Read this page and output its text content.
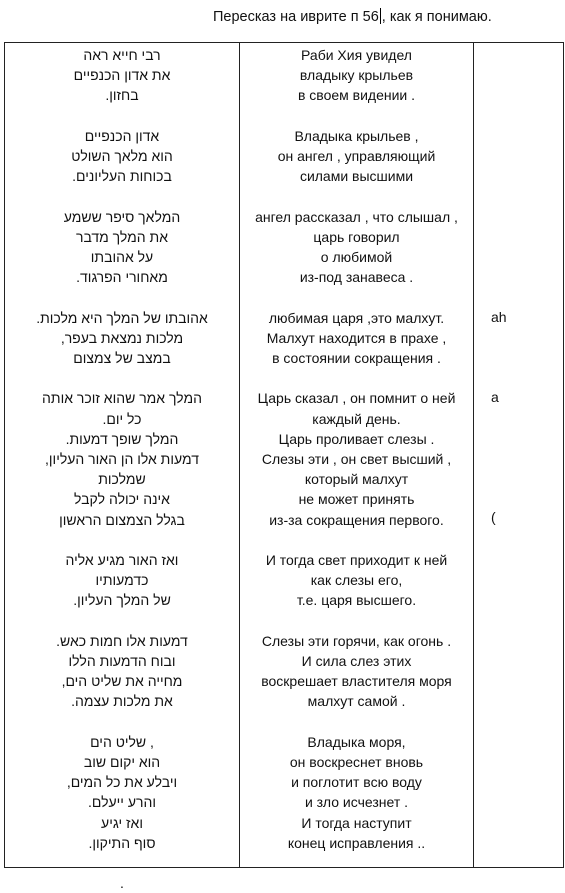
Пересказ на иврите п 56 , как я понимаю.
רבי חייא ראה
את אדון הכנפיים
בחזון.
אדון הכנפיים
הוא מלאך השולט
בכוחות העליונים.
המלאך סיפר ששמע
את המלך מדבר
על אהובתו
מאחורי הפרגוד.
אהובתו של המלך היא מלכות.
מלכות נמצאת בעפר,
במצב של צמצום
המלך אמר שהוא זוכר אותה
כל יום.
המלך שופך דמעות.
דמעות אלו הן האור העליון,
שמלכות
אינה יכולה לקבל
בגלל הצמצום הראשון
ואז האור מגיע אליה
כדמעותיו
של המלך העליון.
דמעות אלו חמות כאש.
ובוח הדמעות הללו
מחייה את שליט הים,
את מלכות עצמה.
, שליט הים
הוא יקום שוב
ויבלע את כל המים,
והרע ייעלם.
ואז יגיע
סוף התיקון.
.
Раби Хия увидел
владыку крыльев
в своем видении .
Владыка крыльев ,
он ангел , управляющий
силами высшими
ангел рассказал , что слышал ,
царь говорил
о любимой
из-под занавеса .
любимая царя ,это малхут.
Малхут находится в прахе ,
в состоянии сокращения .
Царь сказал , он помнит о ней
каждый день.
Царь проливает слезы .
Слезы эти , он свет высший ,
который малхут
не может принять
из-за сокращения первого.
И тогда свет приходит к ней
как слезы его,
т.е. царя высшего.
Слезы эти горячи, как огонь .
И сила слез этих
воскрешает властителя моря
малхут самой .
Владыка моря,
он воскреснет вновь
и поглотит всю воду
и зло исчезнет .
И тогда наступит
конец исправления ..
ah
a
(
